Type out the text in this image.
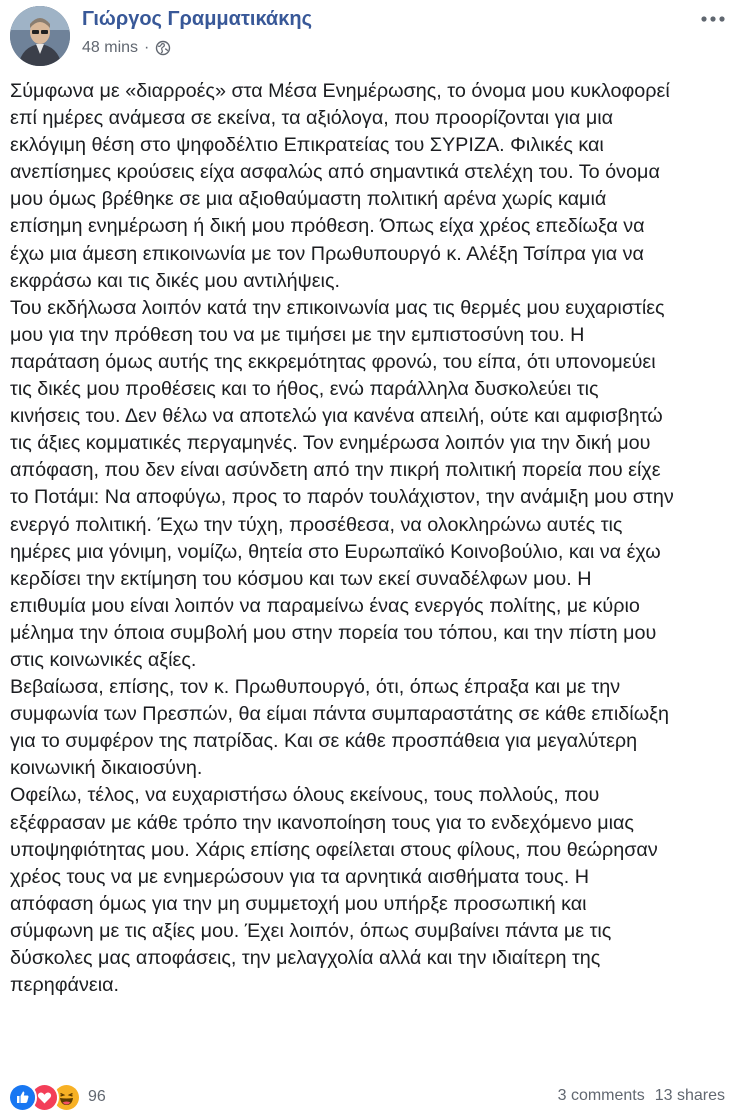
Γιώργος Γραμματικάκης
48 mins ·
Σύμφωνα με «διαρροές» στα Μέσα Ενημέρωσης, το όνομα μου κυκλοφορεί
επί ημέρες ανάμεσα σε εκείνα, τα αξιόλογα, που προορίζονται για μια
εκλόγιμη θέση στο ψηφοδέλτιο Επικρατείας του ΣΥΡΙΖΑ. Φιλικές και
ανεπίσημες κρούσεις είχα ασφαλώς από σημαντικά στελέχη του. Το όνομα
μου όμως βρέθηκε σε μια αξιοθαύμαστη πολιτική αρένα χωρίς καμιά
επίσημη ενημέρωση ή δική μου πρόθεση. Όπως είχα χρέος επεδίωξα να
έχω μια άμεση επικοινωνία με τον Πρωθυπουργό κ. Αλέξη Τσίπρα για να
εκφράσω και τις δικές μου αντιλήψεις.
Του εκδήλωσα λοιπόν κατά την επικοινωνία μας τις θερμές μου ευχαριστίες
μου για την πρόθεση του να με τιμήσει με την εμπιστοσύνη του. Η
παράταση όμως αυτής της εκκρεμότητας φρονώ, του είπα, ότι υπονομεύει
τις δικές μου προθέσεις και το ήθος, ενώ παράλληλα δυσκολεύει τις
κινήσεις του. Δεν θέλω να αποτελώ για κανένα απειλή, ούτε και αμφισβητώ
τις άξιες κομματικές περγαμηνές. Τον ενημέρωσα λοιπόν για την δική μου
απόφαση, που δεν είναι ασύνδετη από την πικρή πολιτική πορεία που είχε
το Ποτάμι: Να αποφύγω, προς το παρόν τουλάχιστον, την ανάμιξη μου στην
ενεργό πολιτική. Έχω την τύχη, προσέθεσα, να ολοκληρώνω αυτές τις
ημέρες μια γόνιμη, νομίζω, θητεία στο Ευρωπαϊκό Κοινοβούλιο, και να έχω
κερδίσει την εκτίμηση του κόσμου και των εκεί συναδέλφων μου. Η
επιθυμία μου είναι λοιπόν να παραμείνω ένας ενεργός πολίτης, με κύριο
μέλημα την όποια συμβολή μου στην πορεία του τόπου, και την πίστη μου
στις κοινωνικές αξίες.
Βεβαίωσα, επίσης, τον κ. Πρωθυπουργό, ότι, όπως έπραξα και με την
συμφωνία των Πρεσπών, θα είμαι πάντα συμπαραστάτης σε κάθε επιδίωξη
για το συμφέρον της πατρίδας. Και σε κάθε προσπάθεια για μεγαλύτερη
κοινωνική δικαιοσύνη.
Οφείλω, τέλος, να ευχαριστήσω όλους εκείνους, τους πολλούς, που
εξέφρασαν με κάθε τρόπο την ικανοποίηση τους για το ενδεχόμενο μιας
υποψηφιότητας μου. Χάρις επίσης οφείλεται στους φίλους, που θεώρησαν
χρέος τους να με ενημερώσουν για τα αρνητικά αισθήματα τους. Η
απόφαση όμως για την μη συμμετοχή μου υπήρξε προσωπική και
σύμφωνη με τις αξίες μου. Έχει λοιπόν, όπως συμβαίνει πάντα με τις
δύσκολες μας αποφάσεις, την μελαγχολία αλλά και την ιδιαίτερη της
περηφάνεια.
96	3 comments 13 shares
